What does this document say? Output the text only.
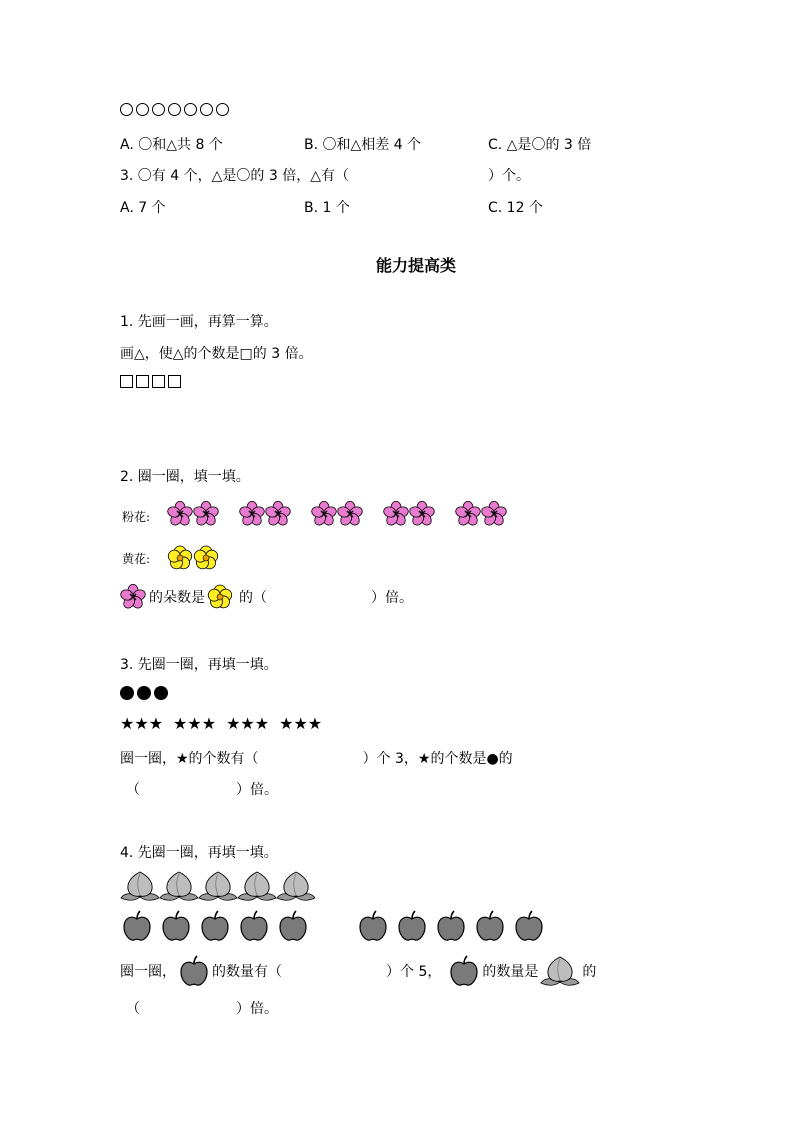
A. 〇和△共 8 个	B. 〇和△相差 4 个	C. △是〇的 3 倍
3. 〇有 4 个，△是〇的 3 倍，△有（	）个。
A. 7 个	B. 1 个	C. 12 个
能力提高类
1. 先画一画，再算一算。
画△，使△的个数是□的 3 倍。
2. 圈一圈，填一填。
粉花:
黄花:
的朵数是 的（	）倍。
3. 先圈一圈，再填一填。
★★★ ★★★ ★★★ ★★★
圈一圈，★的个数有（	）个 3，★的个数是●的
（	）倍。
4. 先圈一圈，再填一填。
圈一圈，	的数量有（	）个 5，	的数量是	的
（	）倍。
